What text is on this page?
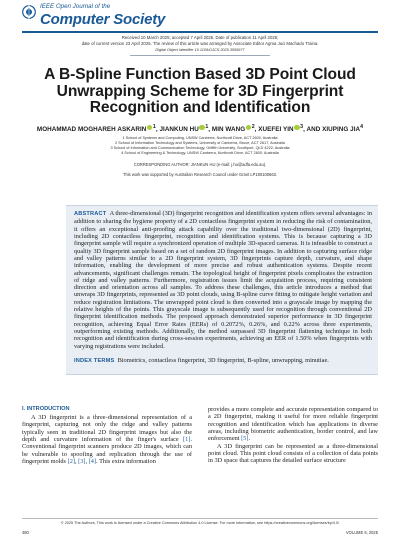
IEEE Open Journal of the
Computer Society
Received 10 March 2025; accepted 7 April 2025. Date of publication 11 April 2025;
date of current version 23 April 2025. The review of this article was arranged by Associate Editor Agma Juci Machado Traina.
Digital Object Identifier 10.1109/OJCS.2025.3559977
A B-Spline Function Based 3D Point Cloud Unwrapping Scheme for 3D Fingerprint Recognition and Identification
MOHAMMAD MOGHAREH ASKARIN $^1$, JIANKUN HU $^1$, MIN WANG $^2$, XUEFEI YIN $^3$, AND XIUPING JIA$^4$
1 School of Systems and Computing, UNSW Canberra, Northcott Drive, ACT 2600, Australia
2 School of Information Technology and Systems, University of Canberra, Bruce, ACT 2617, Australia
3 School of Information and Communication Technology, Griffith University, Southport, QLD 4222, Australia
4 School of Engineering & Technology, UNSW Canberra, Northcott Drive, ACT 2600, Australia
CORRESPONDING AUTHOR: JIANKUN HU (e-mail: j.hu@adfa.edu.au).
This work was supported by Australian Research Council under Grant LP180100663.
ABSTRACT A three-dimensional (3D) fingerprint recognition and identification system offers several advantages: in addition to sharing the hygiene property of a 2D contactless fingerprint system in reducing the risk of contamination, it offers an exceptional anti-proofing attack capability over the traditional two-dimensional (2D) fingerprint, including 2D contactless fingerprint, recognition and identification systems. This is because capturing a 3D fingerprint sample will require a synchronized operation of multiple 3D-spaced cameras. It is infeasible to construct a quality 3D fingerprint sample based on a set of random 2D fingerprint images. In addition to capturing surface ridge and valley patterns similar to a 2D fingerprint system, 3D fingerprints capture depth, curvature, and shape information, enabling the development of more precise and robust authentication systems. Despite recent advancements, significant challenges remain. The topological height of fingerprint pixels complicates the extraction of ridge and valley patterns. Furthermore, registration issues limit the acquisition process, requiring consistent direction and orientation across all samples. To address these challenges, this article introduces a method that unwraps 3D fingerprints, represented as 3D point clouds, using B-spline curve fitting to mitigate height variation and reduce registration limitations. The unwrapped point cloud is then converted into a grayscale image by mapping the relative heights of the points. This grayscale image is subsequently used for recognition through conventional 2D fingerprint identification methods. The proposed approach demonstrated superior performance in 3D fingerprint recognition, achieving Equal Error Rates (EERs) of 0.2072%, 0.26%, and 0.22% across three experiments, outperforming existing methods. Additionally, the method surpassed 3D fingerprint flattening technique in both recognition and identification during cross-session experiments, achieving an EER of 1.50% when fingerprints with varying registrations were included.
INDEX TERMS Biometrics, contactless fingerprint, 3D fingerprint, B-spline, unwrapping, minutiae.
I. INTRODUCTION

A 3D fingerprint is a three-dimensional representation of a fingerprint, capturing not only the ridge and valley patterns typically seen in traditional 2D fingerprint images but also the depth and curvature information of the finger's surface [1]. Conventional fingerprint scanners produce 2D images, which can be vulnerable to spoofing and replication through the use of fingerprint molds [2], [3], [4]. This extra information

provides a more complete and accurate representation compared to a 2D fingerprint, making it useful for more reliable fingerprint recognition and identification which has applications in diverse areas, including biometric authentication, border control, and law enforcement [5].

A 3D fingerprint can be represented as a three-dimensional point cloud. This point cloud consists of a collection of data points in 3D space that captures the detailed surface structure

© 2025 The Authors. This work is licensed under a Creative Commons Attribution 4.0 License. For more information, see https://creativecommons.org/licenses/by/4.0/
480	VOLUME 6, 2025
